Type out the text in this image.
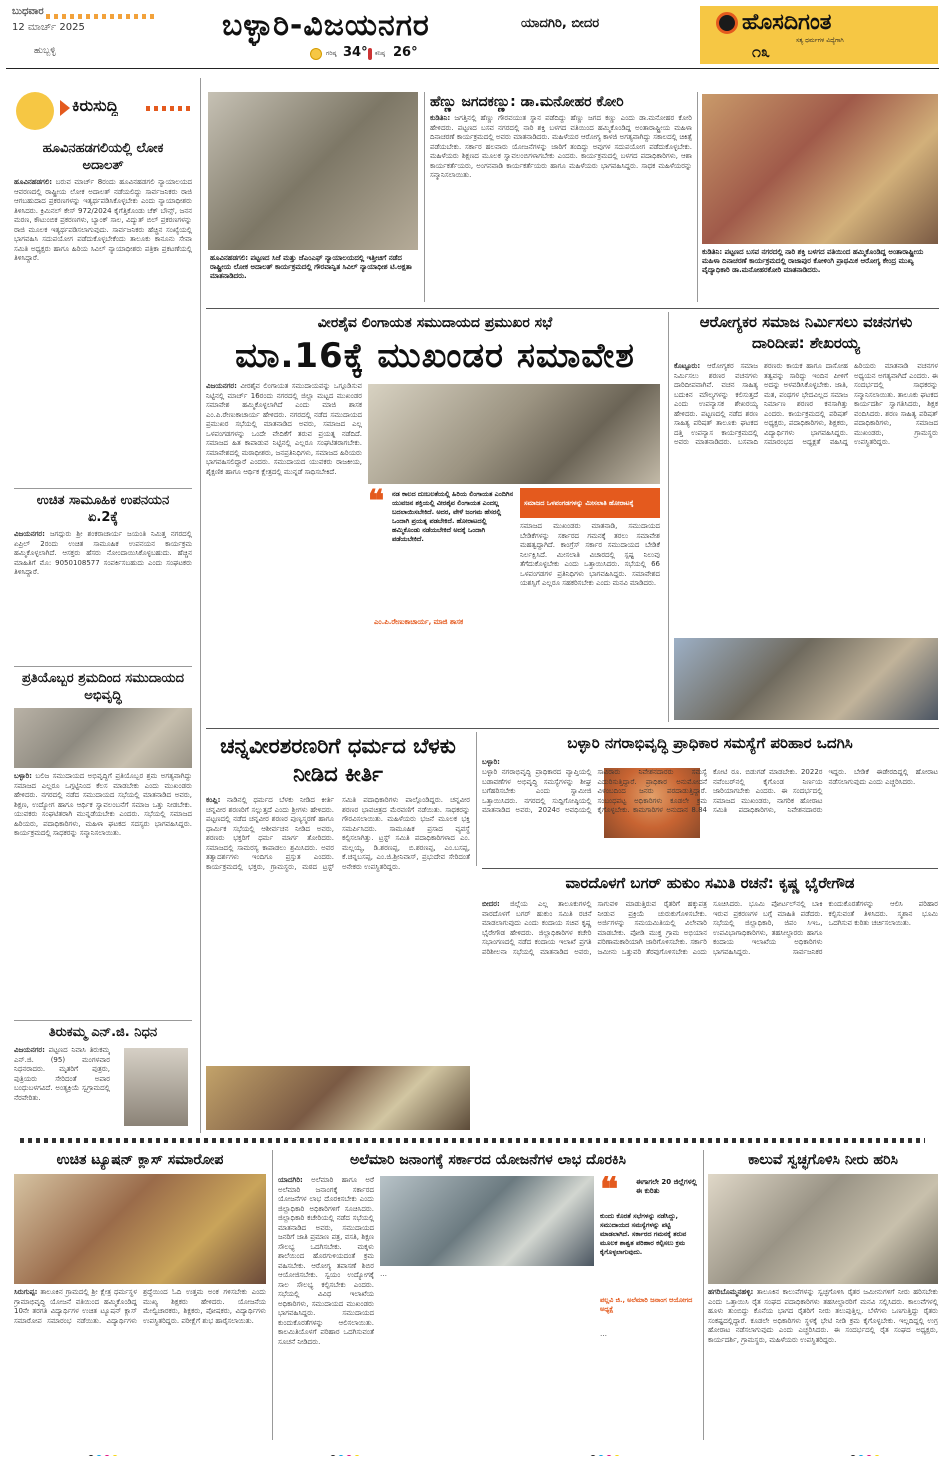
ಬುಧವಾರ
12 ಮಾರ್ಚ್ 2025
ಹುಬ್ಬಳ್ಳಿ
ಬಳ್ಳಾರಿ-ವಿಜಯನಗರ	ಯಾದಗಿರಿ, ಬೀದರ
ಗರಿಷ್ಠ 34° ಕನಿಷ್ಠ 26°
ಹೊಸದಿಗಂತ
ಸತ್ಯ ಧರ್ಮಗಳ ವಿದ್ಯೆಗಾಗಿ
೧೩
ಕಿರುಸುದ್ದಿ
ಹೂವಿನಹಡಗಲಿಯಲ್ಲಿ ಲೋಕ ಅದಾಲತ್
ಹೂವಿನಹಡಗಲಿ: ಬರುವ ಮಾರ್ಚ್ 8ರಂದು ಹೂವಿನಹಡಗಲಿ ನ್ಯಾಯಾಲಯದ ಆವರಣದಲ್ಲಿ ರಾಷ್ಟ್ರೀಯ ಲೋಕ ಅದಾಲತ್ ನಡೆಯಲಿದ್ದು ಸಾರ್ವಜನಿಕರು ರಾಜಿ ಆಗಬಹುದಾದ ಪ್ರಕರಣಗಳನ್ನು ಇತ್ಯರ್ಥಪಡಿಸಿಕೊಳ್ಳಬೇಕು ಎಂದು ನ್ಯಾಯಾಧೀಶರು ತಿಳಿಸಿದರು. ಕ್ರಿಮಿನಲ್ ಕೇಸ್ 972/2024 ಕೈಗೆತ್ತಿಕೊಂಡು ಚೆಕ್ ಬೌನ್ಸ್, ಜನನ ಮರಣ, ಕೌಟುಂಬಿಕ ಪ್ರಕರಣಗಳು, ಬ್ಯಾಂಕ್ ಸಾಲ, ವಿದ್ಯುತ್ ಬಿಲ್ ಪ್ರಕರಣಗಳನ್ನು ರಾಜಿ ಮೂಲಕ ಇತ್ಯರ್ಥಪಡಿಸಲಾಗುವುದು. ಸಾರ್ವಜನಿಕರು ಹೆಚ್ಚಿನ ಸಂಖ್ಯೆಯಲ್ಲಿ ಭಾಗವಹಿಸಿ ಸದುಪಯೋಗ ಪಡೆದುಕೊಳ್ಳಬೇಕೆಂದು ತಾಲೂಕು ಕಾನೂನು ಸೇವಾ ಸಮಿತಿ ಅಧ್ಯಕ್ಷರು ಹಾಗೂ ಹಿರಿಯ ಸಿವಿಲ್ ನ್ಯಾಯಾಧೀಶರು ಪತ್ರಿಕಾ ಪ್ರಕಟಣೆಯಲ್ಲಿ ತಿಳಿಸಿದ್ದಾರೆ.
ಉಚಿತ ಸಾಮೂಹಿಕ ಉಪನಯನ ಏ.2ಕ್ಕೆ
ವಿಜಯನಗರ: ಜಗದ್ಗುರು ಶ್ರೀ ಶಂಕರಾಚಾರ್ಯ ಜಯಂತಿ ನಿಮಿತ್ತ ನಗರದಲ್ಲಿ ಏಪ್ರಿಲ್ 2ರಂದು ಉಚಿತ ಸಾಮೂಹಿಕ ಉಪನಯನ ಕಾರ್ಯಕ್ರಮ ಹಮ್ಮಿಕೊಳ್ಳಲಾಗಿದೆ. ಆಸಕ್ತರು ಹೆಸರು ನೋಂದಾಯಿಸಿಕೊಳ್ಳಬಹುದು. ಹೆಚ್ಚಿನ ಮಾಹಿತಿಗೆ ಮೊ: 9050108577 ಸಂಪರ್ಕಿಸಬಹುದು ಎಂದು ಸಂಘಟಕರು ತಿಳಿಸಿದ್ದಾರೆ.
ಪ್ರತಿಯೊಬ್ಬರ ಶ್ರಮದಿಂದ ಸಮುದಾಯದ ಅಭಿವೃದ್ಧಿ
ಬಳ್ಳಾರಿ: ಬಲಿಜ ಸಮುದಾಯದ ಅಭಿವೃದ್ಧಿಗೆ ಪ್ರತಿಯೊಬ್ಬರ ಶ್ರಮ ಅಗತ್ಯವಾಗಿದ್ದು ಸಮಾಜದ ಎಲ್ಲರೂ ಒಗ್ಗಟ್ಟಿನಿಂದ ಕೆಲಸ ಮಾಡಬೇಕು ಎಂದು ಮುಖಂಡರು ಹೇಳಿದರು. ನಗರದಲ್ಲಿ ನಡೆದ ಸಮುದಾಯದ ಸಭೆಯಲ್ಲಿ ಮಾತನಾಡಿದ ಅವರು, ಶಿಕ್ಷಣ, ಉದ್ಯೋಗ ಹಾಗೂ ಆರ್ಥಿಕ ಸ್ವಾವಲಂಬನೆಗೆ ಸಮಾಜ ಒತ್ತು ನೀಡಬೇಕು. ಯುವಕರು ಸಂಘಟಿತರಾಗಿ ಮುನ್ನಡೆಯಬೇಕು ಎಂದರು. ಸಭೆಯಲ್ಲಿ ಸಮಾಜದ ಹಿರಿಯರು, ಪದಾಧಿಕಾರಿಗಳು, ಮಹಿಳಾ ಘಟಕದ ಸದಸ್ಯರು ಭಾಗವಹಿಸಿದ್ದರು. ಕಾರ್ಯಕ್ರಮದಲ್ಲಿ ಸಾಧಕರನ್ನು ಸನ್ಮಾನಿಸಲಾಯಿತು.
ತಿರುಕಮ್ಮ ಎನ್.ಜಿ. ನಿಧನ
ವಿಜಯನಗರ: ಪಟ್ಟಣದ ನಿವಾಸಿ ತಿರುಕಮ್ಮ ಎನ್.ಜಿ. (95) ಮಂಗಳವಾರ ನಿಧನರಾದರು. ಮೃತರಿಗೆ ಪುತ್ರರು, ಪುತ್ರಿಯರು ಸೇರಿದಂತೆ ಅಪಾರ ಬಂಧುಬಳಗವಿದೆ. ಅಂತ್ಯಕ್ರಿಯೆ ಸ್ವಗ್ರಾಮದಲ್ಲಿ ನೆರವೇರಿತು.
ಹೂವಿನಹಡಗಲಿ: ಪಟ್ಟಣದ ಸಿಜೆ ಮತ್ತು ಜೆಎಂಎಫ್ ನ್ಯಾಯಾಲಯದಲ್ಲಿ ಇತ್ತೀಚಿಗೆ ನಡೆದ ರಾಷ್ಟ್ರೀಯ ಲೋಕ ಅದಾಲತ್ ಕಾರ್ಯಕ್ರಮದಲ್ಲಿ ಗೌರವಾನ್ವಿತ ಸಿವಿಲ್ ನ್ಯಾಯಾಧೀಶ ಟಿ.ಅಕ್ಷತಾ ಮಾತನಾಡಿದರು.
ಹೆಣ್ಣು ಜಗದಕಣ್ಣು: ಡಾ.ಮನೋಹರ ಕೋರಿ
ಕುಡಿತಿನಿ: ಜಗತ್ತಿನಲ್ಲಿ ಹೆಣ್ಣು ಗೌರವಯುತ ಸ್ಥಾನ ಪಡೆದಿದ್ದು ಹೆಣ್ಣು ಜಗದ ಕಣ್ಣು ಎಂದು ಡಾ.ಮನೋಹರ ಕೋರಿ ಹೇಳಿದರು. ಪಟ್ಟಣದ ಬಸವ ನಗರದಲ್ಲಿ ನಾರಿ ಶಕ್ತಿ ಬಳಗದ ವತಿಯಿಂದ ಹಮ್ಮಿಕೊಂಡಿದ್ದ ಅಂತಾರಾಷ್ಟ್ರೀಯ ಮಹಿಳಾ ದಿನಾಚರಣೆ ಕಾರ್ಯಕ್ರಮದಲ್ಲಿ ಅವರು ಮಾತನಾಡಿದರು. ಮಹಿಳೆಯರ ಆರೋಗ್ಯ ಕಾಳಜಿ ಅಗತ್ಯವಾಗಿದ್ದು ಸಕಾಲದಲ್ಲಿ ಚಿಕಿತ್ಸೆ ಪಡೆಯಬೇಕು. ಸರ್ಕಾರ ಹಲವಾರು ಯೋಜನೆಗಳನ್ನು ಜಾರಿಗೆ ತಂದಿದ್ದು ಅವುಗಳ ಸದುಪಯೋಗ ಪಡೆದುಕೊಳ್ಳಬೇಕು. ಮಹಿಳೆಯರು ಶಿಕ್ಷಣದ ಮೂಲಕ ಸ್ವಾವಲಂಬಿಗಳಾಗಬೇಕು ಎಂದರು. ಕಾರ್ಯಕ್ರಮದಲ್ಲಿ ಬಳಗದ ಪದಾಧಿಕಾರಿಗಳು, ಆಶಾ ಕಾರ್ಯಕರ್ತೆಯರು, ಅಂಗನವಾಡಿ ಕಾರ್ಯಕರ್ತೆಯರು ಹಾಗೂ ಮಹಿಳೆಯರು ಭಾಗವಹಿಸಿದ್ದರು. ಸಾಧಕ ಮಹಿಳೆಯರನ್ನು ಸನ್ಮಾನಿಸಲಾಯಿತು.
ಕುಡಿತಿನಿ: ಪಟ್ಟಣದ ಬಸವ ನಗರದಲ್ಲಿ ನಾರಿ ಶಕ್ತಿ ಬಳಗದ ವತಿಯಿಂದ ಹಮ್ಮಿಕೊಂಡಿದ್ದ ಅಂತಾರಾಷ್ಟ್ರೀಯ ಮಹಿಳಾ ದಿನಾಚರಣೆ ಕಾರ್ಯಕ್ರಮದಲ್ಲಿ ರಾಜಾಪುರ ಕೋಳಿಂಗಿ ಪ್ರಾಥಮಿಕ ಆರೋಗ್ಯ ಕೇಂದ್ರ ಮುಖ್ಯ ವೈದ್ಯಾಧಿಕಾರಿ ಡಾ.ಮನೋಹರಕೋರಿ ಮಾತನಾಡಿದರು.
ವೀರಶೈವ ಲಿಂಗಾಯತ ಸಮುದಾಯದ ಪ್ರಮುಖರ ಸಭೆ
ಮಾ.16ಕ್ಕೆ ಮುಖಂಡರ ಸಮಾವೇಶ
ವಿಜಯನಗರ: ವೀರಶೈವ ಲಿಂಗಾಯತ ಸಮುದಾಯವನ್ನು ಒಗ್ಗೂಡಿಸುವ ನಿಟ್ಟಿನಲ್ಲಿ ಮಾರ್ಚ್ 16ರಂದು ನಗರದಲ್ಲಿ ಜಿಲ್ಲಾ ಮಟ್ಟದ ಮುಖಂಡರ ಸಮಾವೇಶ ಹಮ್ಮಿಕೊಳ್ಳಲಾಗಿದೆ ಎಂದು ಮಾಜಿ ಶಾಸಕ ಎಂ.ಪಿ.ರೇಣುಕಾಚಾರ್ಯ ಹೇಳಿದರು. ನಗರದಲ್ಲಿ ನಡೆದ ಸಮುದಾಯದ ಪ್ರಮುಖರ ಸಭೆಯಲ್ಲಿ ಮಾತನಾಡಿದ ಅವರು, ಸಮಾಜದ ಎಲ್ಲ ಒಳಪಂಗಡಗಳನ್ನು ಒಂದೇ ವೇದಿಕೆಗೆ ತರುವ ಪ್ರಯತ್ನ ನಡೆದಿದೆ. ಸಮಾಜದ ಹಿತ ಕಾಪಾಡುವ ನಿಟ್ಟಿನಲ್ಲಿ ಎಲ್ಲರೂ ಸಂಘಟಿತರಾಗಬೇಕು. ಸಮಾವೇಶದಲ್ಲಿ ಮಠಾಧೀಶರು, ಜನಪ್ರತಿನಿಧಿಗಳು, ಸಮಾಜದ ಹಿರಿಯರು ಭಾಗವಹಿಸಲಿದ್ದಾರೆ ಎಂದರು. ಸಮುದಾಯದ ಯುವಕರು ರಾಜಕೀಯ, ಶೈಕ್ಷಣಿಕ ಹಾಗೂ ಆರ್ಥಿಕ ಕ್ಷೇತ್ರದಲ್ಲಿ ಮುನ್ನಡೆ ಸಾಧಿಸಬೇಕಿದೆ.
❝ ನಡ ಕಾಲದ ದುಃಬಲತೆಯಲ್ಲಿ ಹಿರಿಯ ಲಿಂಗಾಯತ ಎಂದಿಗಿನ ಯುವಜನ ಶಕ್ತಿಯಲ್ಲಿ ವೀರಶೈವ ಲಿಂಗಾಯತ ಎಂದಲ್ಲ ಬದಲಾಯಿಸಬೇಕಿದೆ. ಅದರ, ವೇಳೆ ಜಂಗಮ ಹೆಸರಲ್ಲಿ ಒಂದಾಗಿ ಪ್ರಯತ್ನ ಪಡಬೇಕಿದೆ. ಹೋರಾಟದಲ್ಲಿ ಹಮ್ಮಿಕೊಂಡು ನಡೆಯಬೇಕಿದೆ ಅದಕ್ಕೆ ಒಂದಾಗಿ ಪಡೆಯಬೇಕಿದೆ.
ಎಂ.ಪಿ.ರೇಣುಕಾಚಾರ್ಯ, ಮಾಜಿ ಶಾಸಕ
ಸಮಾಜದ ಒಳಪಂಗಡಗಳನ್ನು ಮೀಸಲಾತಿ ಹೋರಾಟಕ್ಕೆ
ಸಮಾಜದ ಮುಖಂಡರು ಮಾತನಾಡಿ, ಸಮುದಾಯದ ಬೇಡಿಕೆಗಳನ್ನು ಸರ್ಕಾರದ ಗಮನಕ್ಕೆ ತರಲು ಸಮಾವೇಶ ಮಹತ್ವದ್ದಾಗಿದೆ. ಕಾಂಗ್ರೆಸ್ ಸರ್ಕಾರ ಸಮುದಾಯದ ಬೇಡಿಕೆ ನಿರ್ಲಕ್ಷಿಸಿದೆ. ಮೀಸಲಾತಿ ವಿಚಾರದಲ್ಲಿ ಸ್ಪಷ್ಟ ನಿಲುವು ತೆಗೆದುಕೊಳ್ಳಬೇಕು ಎಂದು ಒತ್ತಾಯಿಸಿದರು. ಸಭೆಯಲ್ಲಿ 66 ಒಳಪಂಗಡಗಳ ಪ್ರತಿನಿಧಿಗಳು ಭಾಗವಹಿಸಿದ್ದರು. ಸಮಾವೇಶದ ಯಶಸ್ಸಿಗೆ ಎಲ್ಲರೂ ಸಹಕರಿಸಬೇಕು ಎಂದು ಮನವಿ ಮಾಡಿದರು.
ಆರೋಗ್ಯಕರ ಸಮಾಜ ನಿರ್ಮಿಸಲು ವಚನಗಳು ದಾರಿದೀಪ: ಶೇಖರಯ್ಯ
ಕೊಟ್ಟೂರು: ಆರೋಗ್ಯಕರ ಸಮಾಜ ನಿರ್ಮಿಸಲು ಶರಣರ ವಚನಗಳು ದಾರಿದೀಪವಾಗಿವೆ. ವಚನ ಸಾಹಿತ್ಯ ಬದುಕಿನ ಮೌಲ್ಯಗಳನ್ನು ಕಲಿಸುತ್ತದೆ ಎಂದು ಉಪನ್ಯಾಸಕ ಶೇಖರಯ್ಯ ಹೇಳಿದರು. ಪಟ್ಟಣದಲ್ಲಿ ನಡೆದ ಶರಣ ಸಾಹಿತ್ಯ ಪರಿಷತ್ ತಾಲೂಕು ಘಟಕದ ದತ್ತಿ ಉಪನ್ಯಾಸ ಕಾರ್ಯಕ್ರಮದಲ್ಲಿ ಅವರು ಮಾತನಾಡಿದರು. ಬಸವಾದಿ ಶರಣರು ಕಾಯಕ ಹಾಗೂ ದಾಸೋಹ ತತ್ವವನ್ನು ಸಾರಿದ್ದು ಇಂದಿನ ಪೀಳಿಗೆ ಅದನ್ನು ಅಳವಡಿಸಿಕೊಳ್ಳಬೇಕು. ಜಾತಿ, ಮತ, ಪಂಥಗಳ ಭೇದವಿಲ್ಲದ ಸಮಾಜ ನಿರ್ಮಾಣ ಶರಣರ ಕನಸಾಗಿತ್ತು ಎಂದರು. ಕಾರ್ಯಕ್ರಮದಲ್ಲಿ ಪರಿಷತ್ ಅಧ್ಯಕ್ಷರು, ಪದಾಧಿಕಾರಿಗಳು, ಶಿಕ್ಷಕರು, ವಿದ್ಯಾರ್ಥಿಗಳು ಭಾಗವಹಿಸಿದ್ದರು. ಸಮಾರಂಭದ ಅಧ್ಯಕ್ಷತೆ ವಹಿಸಿದ್ದ ಹಿರಿಯರು ಮಾತನಾಡಿ ವಚನಗಳ ಅಧ್ಯಯನ ಅಗತ್ಯವಾಗಿದೆ ಎಂದರು. ಈ ಸಂದರ್ಭದಲ್ಲಿ ಸಾಧಕರನ್ನು ಸನ್ಮಾನಿಸಲಾಯಿತು. ತಾಲೂಕು ಘಟಕದ ಕಾರ್ಯದರ್ಶಿ ಸ್ವಾಗತಿಸಿದರು, ಶಿಕ್ಷಕ ವಂದಿಸಿದರು. ಶರಣ ಸಾಹಿತ್ಯ ಪರಿಷತ್ ಪದಾಧಿಕಾರಿಗಳು, ಸಮಾಜದ ಮುಖಂಡರು, ಗ್ರಾಮಸ್ಥರು ಉಪಸ್ಥಿತರಿದ್ದರು.
ಚನ್ನವೀರಶರಣರಿಗೆ ಧರ್ಮದ ಬೆಳಕು ನೀಡಿದ ಕೀರ್ತಿ
ಕಂಪ್ಲಿ: ನಾಡಿನಲ್ಲಿ ಧರ್ಮದ ಬೆಳಕು ನೀಡಿದ ಕೀರ್ತಿ ಚನ್ನವೀರ ಶರಣರಿಗೆ ಸಲ್ಲುತ್ತದೆ ಎಂದು ಶ್ರೀಗಳು ಹೇಳಿದರು. ಪಟ್ಟಣದಲ್ಲಿ ನಡೆದ ಚನ್ನವೀರ ಶರಣರ ಪುಣ್ಯಸ್ಮರಣೆ ಹಾಗೂ ಧಾರ್ಮಿಕ ಸಭೆಯಲ್ಲಿ ಆಶೀರ್ವಚನ ನೀಡಿದ ಅವರು, ಶರಣರು ಭಕ್ತರಿಗೆ ಧರ್ಮ ಮಾರ್ಗ ತೋರಿದರು. ಸಮಾಜದಲ್ಲಿ ಸಾಮರಸ್ಯ ಕಾಪಾಡಲು ಶ್ರಮಿಸಿದರು. ಅವರ ತತ್ವಾದರ್ಶಗಳು ಇಂದಿಗೂ ಪ್ರಸ್ತುತ ಎಂದರು. ಕಾರ್ಯಕ್ರಮದಲ್ಲಿ ಭಕ್ತರು, ಗ್ರಾಮಸ್ಥರು, ಮಠದ ಟ್ರಸ್ಟ್ ಸಮಿತಿ ಪದಾಧಿಕಾರಿಗಳು ಪಾಲ್ಗೊಂಡಿದ್ದರು. ಚನ್ನವೀರ ಶರಣರ ಭಾವಚಿತ್ರದ ಮೆರವಣಿಗೆ ನಡೆಯಿತು. ಸಾಧಕರನ್ನು ಗೌರವಿಸಲಾಯಿತು. ಮಹಿಳೆಯರು ಭಜನೆ ಮೂಲಕ ಭಕ್ತಿ ಸಮರ್ಪಿಸಿದರು. ಸಾಮೂಹಿಕ ಪ್ರಸಾದ ವ್ಯವಸ್ಥೆ ಕಲ್ಪಿಸಲಾಗಿತ್ತು. ಟ್ರಸ್ಟ್ ಸಮಿತಿ ಪದಾಧಿಕಾರಿಗಳಾದ ಎಂ. ಮಲ್ಲಯ್ಯ, ಡಿ.ಶರಣಪ್ಪ, ಬಿ.ಶರಣಪ್ಪ, ಎಂ.ಬಸಪ್ಪ, ಕೆ.ಚನ್ನಬಸಪ್ಪ, ಎಂ.ಜಿ.ಶ್ರೀನಿವಾಸ್, ಪ್ರಭುದೇವ ಸೇರಿದಂತೆ ಅನೇಕರು ಉಪಸ್ಥಿತರಿದ್ದರು.
ಬಳ್ಳಾರಿ ನಗರಾಭಿವೃದ್ಧಿ ಪ್ರಾಧಿಕಾರ ಸಮಸ್ಯೆಗೆ ಪರಿಹಾರ ಒದಗಿಸಿ
ಬಳ್ಳಾರಿ:
ಬಳ್ಳಾರಿ ನಗರಾಭಿವೃದ್ಧಿ ಪ್ರಾಧಿಕಾರದ ವ್ಯಾಪ್ತಿಯಲ್ಲಿ ಬಡಾವಣೆಗಳ ಅಭಿವೃದ್ಧಿ ಸಮಸ್ಯೆಗಳನ್ನು ಶೀಘ್ರ ಬಗೆಹರಿಸಬೇಕು ಎಂದು ಸ್ವಾಮೀಜಿ ಒತ್ತಾಯಿಸಿದರು. ನಗರದಲ್ಲಿ ಸುದ್ದಿಗೋಷ್ಠಿಯಲ್ಲಿ ಮಾತನಾಡಿದ ಅವರು, 2024ರ ಅವಧಿಯಲ್ಲಿ ಸಾವಿರಾರು ನಿವೇಶನದಾರರು ಸಮಸ್ಯೆ ಎದುರಿಸುತ್ತಿದ್ದಾರೆ. ಪ್ರಾಧಿಕಾರ ಅನುಮೋದನೆ ವಿಳಂಬದಿಂದ ಜನರು ಪರದಾಡುತ್ತಿದ್ದಾರೆ. ಸಂಬಂಧಪಟ್ಟ ಅಧಿಕಾರಿಗಳು ಕೂಡಲೇ ಕ್ರಮ ಕೈಗೊಳ್ಳಬೇಕು. ಕಾಮಗಾರಿಗಳ ಅನುದಾನ 8.84 ಕೋಟಿ ರೂ. ಬಿಡುಗಡೆ ಮಾಡಬೇಕು. 2022ರ ನವೆಂಬರ್‌ನಲ್ಲಿ ಕೈಗೊಂಡ ನಿರ್ಣಯ ಜಾರಿಯಾಗಬೇಕು ಎಂದರು. ಈ ಸಂದರ್ಭದಲ್ಲಿ ಸಮಾಜದ ಮುಖಂಡರು, ನಾಗರಿಕ ಹೋರಾಟ ಸಮಿತಿ ಪದಾಧಿಕಾರಿಗಳು, ನಿವೇಶನದಾರರು ಇದ್ದರು. ಬೇಡಿಕೆ ಈಡೇರದಿದ್ದಲ್ಲಿ ಹೋರಾಟ ನಡೆಸಲಾಗುವುದು ಎಂದು ಎಚ್ಚರಿಸಿದರು.
ವಾರದೊಳಗೆ ಬಗರ್ ಹುಕುಂ ಸಮಿತಿ ರಚನೆ: ಕೃಷ್ಣ ಭೈರೇಗೌಡ
ಬೀದರ: ಜಿಲ್ಲೆಯ ಎಲ್ಲ ತಾಲೂಕುಗಳಲ್ಲಿ ವಾರದೊಳಗೆ ಬಗರ್ ಹುಕುಂ ಸಮಿತಿ ರಚನೆ ಮಾಡಲಾಗುವುದು ಎಂದು ಕಂದಾಯ ಸಚಿವ ಕೃಷ್ಣ ಭೈರೇಗೌಡ ಹೇಳಿದರು. ಜಿಲ್ಲಾಧಿಕಾರಿಗಳ ಕಚೇರಿ ಸಭಾಂಗಣದಲ್ಲಿ ನಡೆದ ಕಂದಾಯ ಇಲಾಖೆ ಪ್ರಗತಿ ಪರಿಶೀಲನಾ ಸಭೆಯಲ್ಲಿ ಮಾತನಾಡಿದ ಅವರು, ಸಾಗುವಳಿ ಮಾಡುತ್ತಿರುವ ರೈತರಿಗೆ ಹಕ್ಕುಪತ್ರ ನೀಡುವ ಪ್ರಕ್ರಿಯೆ ಚುರುಕುಗೊಳಿಸಬೇಕು. ಅರ್ಜಿಗಳನ್ನು ಸಮಯಮಿತಿಯಲ್ಲಿ ವಿಲೇವಾರಿ ಮಾಡಬೇಕು. ಪೋಡಿ ಮುಕ್ತ ಗ್ರಾಮ ಅಭಿಯಾನ ಪರಿಣಾಮಕಾರಿಯಾಗಿ ಜಾರಿಗೊಳಿಸಬೇಕು. ಸರ್ಕಾರಿ ಜಮೀನು ಒತ್ತುವರಿ ತೆರವುಗೊಳಿಸಬೇಕು ಎಂದು ಸೂಚಿಸಿದರು. ಭೂಮಿ ಪೋರ್ಟಲ್‌ನಲ್ಲಿ ಬಾಕಿ ಇರುವ ಪ್ರಕರಣಗಳ ಬಗ್ಗೆ ಮಾಹಿತಿ ಪಡೆದರು. ಸಭೆಯಲ್ಲಿ ಜಿಲ್ಲಾಧಿಕಾರಿ, ಜಿಪಂ ಸಿಇಒ, ಉಪವಿಭಾಗಾಧಿಕಾರಿಗಳು, ತಹಸೀಲ್ದಾರರು ಹಾಗೂ ಕಂದಾಯ ಇಲಾಖೆಯ ಅಧಿಕಾರಿಗಳು ಭಾಗವಹಿಸಿದ್ದರು. ಸಾರ್ವಜನಿಕರ ಕುಂದುಕೊರತೆಗಳನ್ನು ಆಲಿಸಿ ಪರಿಹಾರ ಕಲ್ಪಿಸುವಂತೆ ತಿಳಿಸಿದರು. ಸ್ಮಶಾನ ಭೂಮಿ ಒದಗಿಸುವ ಕುರಿತು ಚರ್ಚಿಸಲಾಯಿತು.
ಉಚಿತ ಟ್ಯೂಷನ್ ಕ್ಲಾಸ್ ಸಮಾರೋಪ
ಸಿರುಗುಪ್ಪ: ತಾಲೂಕಿನ ಗ್ರಾಮದಲ್ಲಿ ಶ್ರೀ ಕ್ಷೇತ್ರ ಧರ್ಮಸ್ಥಳ ಗ್ರಾಮಾಭಿವೃದ್ಧಿ ಯೋಜನೆ ವತಿಯಿಂದ ಹಮ್ಮಿಕೊಂಡಿದ್ದ 10ನೇ ತರಗತಿ ವಿದ್ಯಾರ್ಥಿಗಳ ಉಚಿತ ಟ್ಯೂಷನ್ ಕ್ಲಾಸ್ ಸಮಾರೋಪ ಸಮಾರಂಭ ನಡೆಯಿತು. ವಿದ್ಯಾರ್ಥಿಗಳು ಶ್ರದ್ಧೆಯಿಂದ ಓದಿ ಉತ್ತಮ ಅಂಕ ಗಳಿಸಬೇಕು ಎಂದು ಮುಖ್ಯ ಶಿಕ್ಷಕರು ಹೇಳಿದರು. ಯೋಜನೆಯ ಮೇಲ್ವಿಚಾರಕರು, ಶಿಕ್ಷಕರು, ಪೋಷಕರು, ವಿದ್ಯಾರ್ಥಿಗಳು ಉಪಸ್ಥಿತರಿದ್ದರು. ಪರೀಕ್ಷೆಗೆ ಶುಭ ಹಾರೈಸಲಾಯಿತು.
ಅಲೆಮಾರಿ ಜನಾಂಗಕ್ಕೆ ಸರ್ಕಾರದ ಯೋಜನೆಗಳ ಲಾಭ ದೊರಕಿಸಿ
ಯಾದಗಿರಿ: ಅಲೆಮಾರಿ ಹಾಗೂ ಅರೆ ಅಲೆಮಾರಿ ಜನಾಂಗಕ್ಕೆ ಸರ್ಕಾರದ ಯೋಜನೆಗಳ ಲಾಭ ದೊರಕಿಸಬೇಕು ಎಂದು ಜಿಲ್ಲಾಧಿಕಾರಿ ಅಧಿಕಾರಿಗಳಿಗೆ ಸೂಚಿಸಿದರು. ಜಿಲ್ಲಾಧಿಕಾರಿ ಕಚೇರಿಯಲ್ಲಿ ನಡೆದ ಸಭೆಯಲ್ಲಿ ಮಾತನಾಡಿದ ಅವರು, ಸಮುದಾಯದ ಜನರಿಗೆ ಜಾತಿ ಪ್ರಮಾಣ ಪತ್ರ, ವಸತಿ, ಶಿಕ್ಷಣ ಸೌಲಭ್ಯ ಒದಗಿಸಬೇಕು. ಮಕ್ಕಳು ಶಾಲೆಯಿಂದ ಹೊರಗುಳಿಯದಂತೆ ಕ್ರಮ ವಹಿಸಬೇಕು. ಆರೋಗ್ಯ ತಪಾಸಣೆ ಶಿಬಿರ ಆಯೋಜಿಸಬೇಕು. ಸ್ವಯಂ ಉದ್ಯೋಗಕ್ಕೆ ಸಾಲ ಸೌಲಭ್ಯ ಕಲ್ಪಿಸಬೇಕು ಎಂದರು. ಸಭೆಯಲ್ಲಿ ವಿವಿಧ ಇಲಾಖೆಯ ಅಧಿಕಾರಿಗಳು, ಸಮುದಾಯದ ಮುಖಂಡರು ಭಾಗವಹಿಸಿದ್ದರು. ಸಮುದಾಯದ ಕುಂದುಕೊರತೆಗಳನ್ನು ಆಲಿಸಲಾಯಿತು. ಕಾಲಮಿತಿಯೊಳಗೆ ಪರಿಹಾರ ಒದಗಿಸುವಂತೆ ಸೂಚನೆ ನೀಡಿದರು.
…
❝	ಈಗಾಗಲೇ 20 ಜಿಲ್ಲೆಗಳಲ್ಲಿ ಈ ಕುರಿತು
ಕುಂದು ಕೊರತೆ ಸಭೆಗಳನ್ನು ನಡೆಸಿದ್ದು, ಸಮುದಾಯದ ಸಮಸ್ಯೆಗಳನ್ನು ಪಟ್ಟಿ ಮಾಡಲಾಗಿದೆ. ಸರ್ಕಾರದ ಗಮನಕ್ಕೆ ತರುವ ಮೂಲಕ ಶಾಶ್ವತ ಪರಿಹಾರ ಕಲ್ಪಿಸಲು ಕ್ರಮ ಕೈಗೊಳ್ಳಲಾಗುವುದು.
ಪಲ್ಲವಿ ಜಿ., ಅಲೆಮಾರಿ ಜನಾಂಗ ಆಯೋಗದ ಅಧ್ಯಕ್ಷೆ
…
ಕಾಲುವೆ ಸ್ವಚ್ಛಗೊಳಿಸಿ ನೀರು ಹರಿಸಿ
ಹಗರಿಬೊಮ್ಮನಹಳ್ಳಿ: ತಾಲೂಕಿನ ಕಾಲುವೆಗಳನ್ನು ಸ್ವಚ್ಛಗೊಳಿಸಿ ರೈತರ ಜಮೀನುಗಳಿಗೆ ನೀರು ಹರಿಸಬೇಕು ಎಂದು ಒತ್ತಾಯಿಸಿ ರೈತ ಸಂಘದ ಪದಾಧಿಕಾರಿಗಳು ತಹಸೀಲ್ದಾರರಿಗೆ ಮನವಿ ಸಲ್ಲಿಸಿದರು. ಕಾಲುವೆಗಳಲ್ಲಿ ಹೂಳು ತುಂಬಿದ್ದು ಕೊನೆಯ ಭಾಗದ ರೈತರಿಗೆ ನೀರು ತಲುಪುತ್ತಿಲ್ಲ. ಬೆಳೆಗಳು ಒಣಗುತ್ತಿದ್ದು ರೈತರು ಸಂಕಷ್ಟದಲ್ಲಿದ್ದಾರೆ. ಕೂಡಲೇ ಅಧಿಕಾರಿಗಳು ಸ್ಥಳಕ್ಕೆ ಭೇಟಿ ನೀಡಿ ಕ್ರಮ ಕೈಗೊಳ್ಳಬೇಕು. ಇಲ್ಲದಿದ್ದಲ್ಲಿ ಉಗ್ರ ಹೋರಾಟ ನಡೆಸಲಾಗುವುದು ಎಂದು ಎಚ್ಚರಿಸಿದರು. ಈ ಸಂದರ್ಭದಲ್ಲಿ ರೈತ ಸಂಘದ ಅಧ್ಯಕ್ಷರು, ಕಾರ್ಯದರ್ಶಿ, ಗ್ರಾಮಸ್ಥರು, ಮಹಿಳೆಯರು ಉಪಸ್ಥಿತರಿದ್ದರು.
